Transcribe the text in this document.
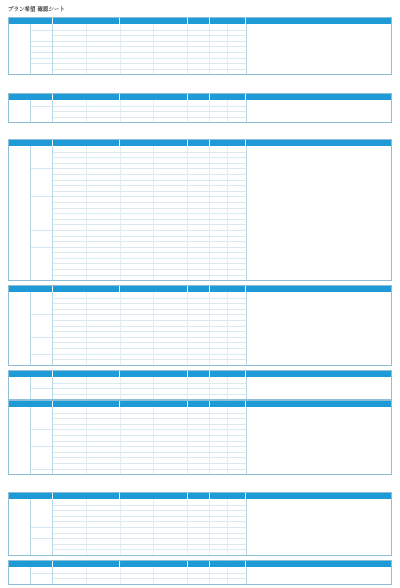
プラン希望 確認シート
